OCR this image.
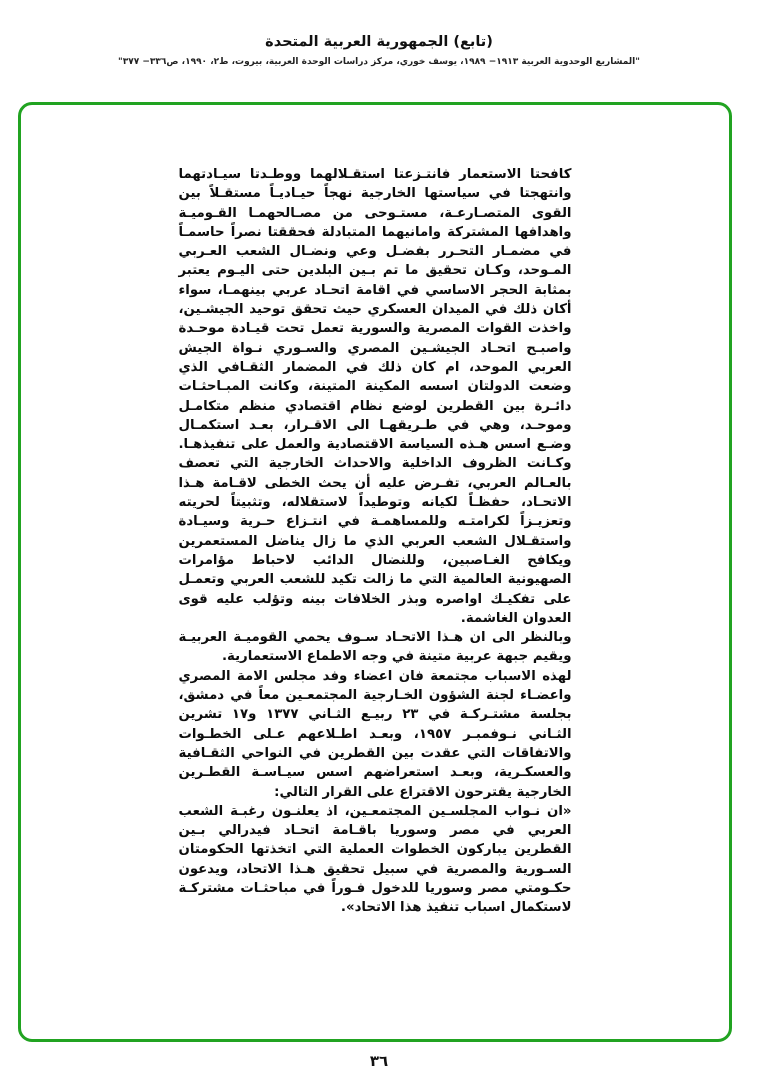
(تابع) الجمهورية العربية المتحدة
"المشاريع الوحدوية العربية ١٩١٣− ١٩٨٩، يوسف خوري، مركز دراسات الوحدة العربية، بيروت، ط٢، ١٩٩٠، ص٣٣٦− ٣٧٧"

كافحتا الاستعمار فانتـزعتا استقـلالهما ووطـدتا سيـادتهما وانتهجتا في سياستها الخارجية نهجاً حيـاديـاً مستقـلاً بين القوى المتصـارعـة، مستـوحى من مصـالحهمـا القـوميـة واهدافها المشتركة وامانيهما المتبادلة فحققتا نصراً حاسمـاً في مضمـار التحـرر بفضـل وعي ونضـال الشعب العـربي المـوحد، وكـان تحقيق ما تم بـين البلدين حتى اليـوم يعتبر بمثابة الحجر الاساسي في اقامة اتحـاد عربي بينهمـا، سواء أكان ذلك في الميدان العسكري حيث تحقق توحيد الجيشـين، واخذت القوات المصرية والسورية تعمل تحت قيـادة موحـدة واصبـح اتحـاد الجيشـين المصري والسـوري نـواة الجيش العربي الموحد، ام كان ذلك في المضمار الثقـافي الذي وضعت الدولتان اسسه المكينة المتينة، وكانت المبـاحثـات دائـرة بين القطرين لوضع نظام اقتصادي منظم متكامـل وموحـد، وهي في طـريقهـا الى الاقـرار، بعـد استكمـال وضـع اسس هـذه السياسة الاقتصادية والعمل على تنفيذهـا. وكـانت الظروف الداخلية والاحداث الخارجية التي تعصف بالعـالم العربي، تفـرض عليه أن يحث الخطى لاقـامة هـذا الاتحـاد، حفظـاً لكيانه وتوطيداً لاستقلاله، وتثبيتاً لحريته وتعزيـزاً لكرامتـه وللمساهمـة في انتـزاع حـرية وسيـادة واستقـلال الشعب العربي الذي ما زال يناضل المستعمرين ويكافح الغـاصبين، وللنضال الدائب لاحباط مؤامرات الصهيونية العالمية التي ما زالت تكيد للشعب العربي وتعمـل على تفكيـك اواصره وبذر الخلافات بينه وتؤلب عليه قوى العدوان الغاشمة.

وبالنظر الى ان هـذا الاتحـاد سـوف يحمي القوميـة العربيـة ويقيم جبهة عربية متينة في وجه الاطماع الاستعمارية.

لهذه الاسباب مجتمعة فان اعضاء وفد مجلس الامة المصري واعضـاء لجنة الشؤون الخـارجية المجتمعـين معاً في دمشق، بجلسة مشتـركـة في ٢٣ ربيـع الثـاني ١٣٧٧ و١٧ تشرين الثـاني نـوفمبـر ١٩٥٧، وبعـد اطـلاعهم عـلى الخطـوات والاتفاقات التي عقدت بين القطرين في النواحي الثقـافية والعسكـرية، وبعـد استعراضهم اسس سيـاسـة القطـرين الخارجية يقترحون الاقتراع على القرار التالي:

«ان نـواب المجلسـين المجتمعـين، اذ يعلنـون رغبـة الشعب العربي في مصر وسوريا باقـامة اتحـاد فيدرالي بـين القطرين يباركون الخطوات العملية التي اتخذتها الحكومتان السـورية والمصرية في سبيل تحقيق هـذا الاتحاد، ويدعون حكـومتي مصر وسوريا للدخول فـوراً في مباحثـات مشتركـة لاستكمال اسباب تنفيذ هذا الاتحاد».

٣٦
